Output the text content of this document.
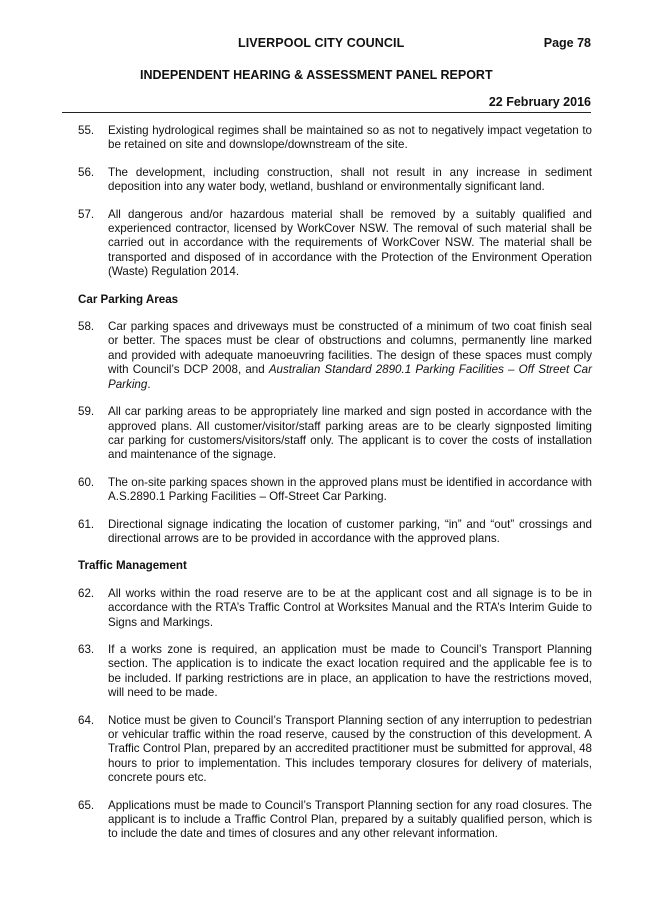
LIVERPOOL CITY COUNCIL	Page 78
INDEPENDENT HEARING & ASSESSMENT PANEL REPORT
22 February 2016
55. Existing hydrological regimes shall be maintained so as not to negatively impact vegetation to be retained on site and downslope/downstream of the site.

56. The development, including construction, shall not result in any increase in sediment deposition into any water body, wetland, bushland or environmentally significant land.

57. All dangerous and/or hazardous material shall be removed by a suitably qualified and experienced contractor, licensed by WorkCover NSW. The removal of such material shall be carried out in accordance with the requirements of WorkCover NSW. The material shall be transported and disposed of in accordance with the Protection of the Environment Operation (Waste) Regulation 2014.

Car Parking Areas
58. Car parking spaces and driveways must be constructed of a minimum of two coat finish seal or better. The spaces must be clear of obstructions and columns, permanently line marked and provided with adequate manoeuvring facilities. The design of these spaces must comply with Council’s DCP 2008, and Australian Standard 2890.1 Parking Facilities – Off Street Car Parking.

59. All car parking areas to be appropriately line marked and sign posted in accordance with the approved plans. All customer/visitor/staff parking areas are to be clearly signposted limiting car parking for customers/visitors/staff only. The applicant is to cover the costs of installation and maintenance of the signage.

60. The on-site parking spaces shown in the approved plans must be identified in accordance with A.S.2890.1 Parking Facilities – Off-Street Car Parking.

61. Directional signage indicating the location of customer parking, “in” and “out” crossings and directional arrows are to be provided in accordance with the approved plans.

Traffic Management
62. All works within the road reserve are to be at the applicant cost and all signage is to be in accordance with the RTA’s Traffic Control at Worksites Manual and the RTA’s Interim Guide to Signs and Markings.

63. If a works zone is required, an application must be made to Council’s Transport Planning section. The application is to indicate the exact location required and the applicable fee is to be included. If parking restrictions are in place, an application to have the restrictions moved, will need to be made.

64. Notice must be given to Council’s Transport Planning section of any interruption to pedestrian or vehicular traffic within the road reserve, caused by the construction of this development. A Traffic Control Plan, prepared by an accredited practitioner must be submitted for approval, 48 hours to prior to implementation. This includes temporary closures for delivery of materials, concrete pours etc.

65. Applications must be made to Council’s Transport Planning section for any road closures. The applicant is to include a Traffic Control Plan, prepared by a suitably qualified person, which is to include the date and times of closures and any other relevant information.
